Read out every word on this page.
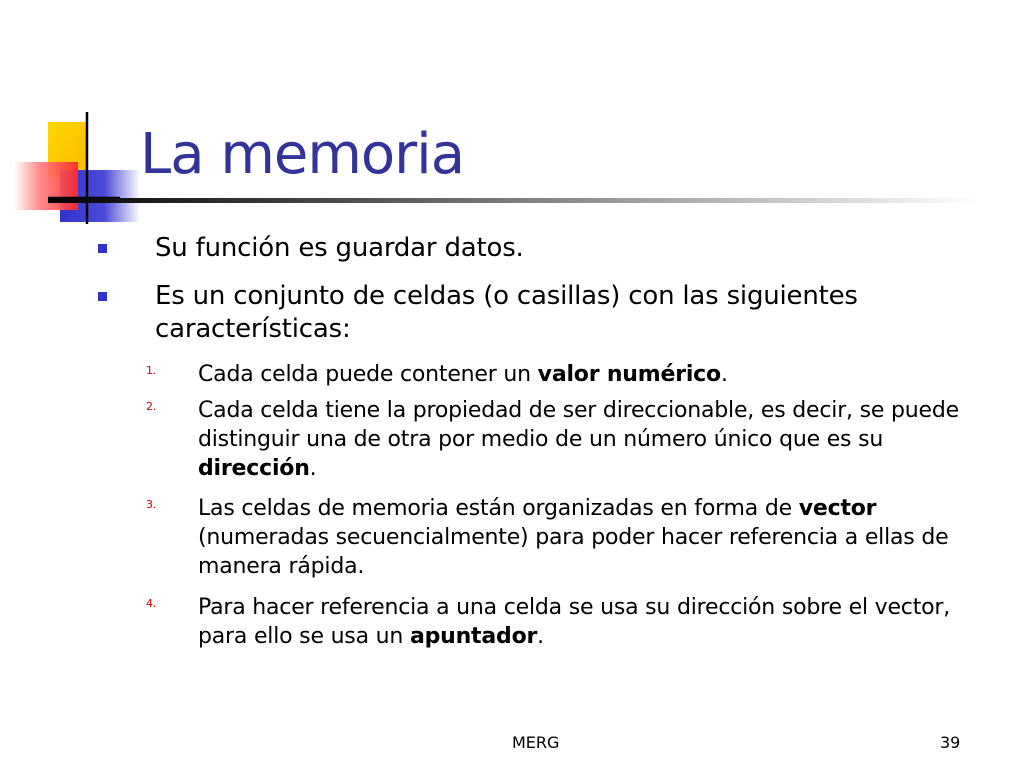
La memoria
Su función es guardar datos.
Es un conjunto de celdas (o casillas) con las siguientes características:
1. Cada celda puede contener un valor numérico.
2. Cada celda tiene la propiedad de ser direccionable, es decir, se puede distinguir una de otra por medio de un número único que es su dirección.
3. Las celdas de memoria están organizadas en forma de vector (numeradas secuencialmente) para poder hacer referencia a ellas de manera rápida.
4. Para hacer referencia a una celda se usa su dirección sobre el vector, para ello se usa un apuntador.
MERG	39
